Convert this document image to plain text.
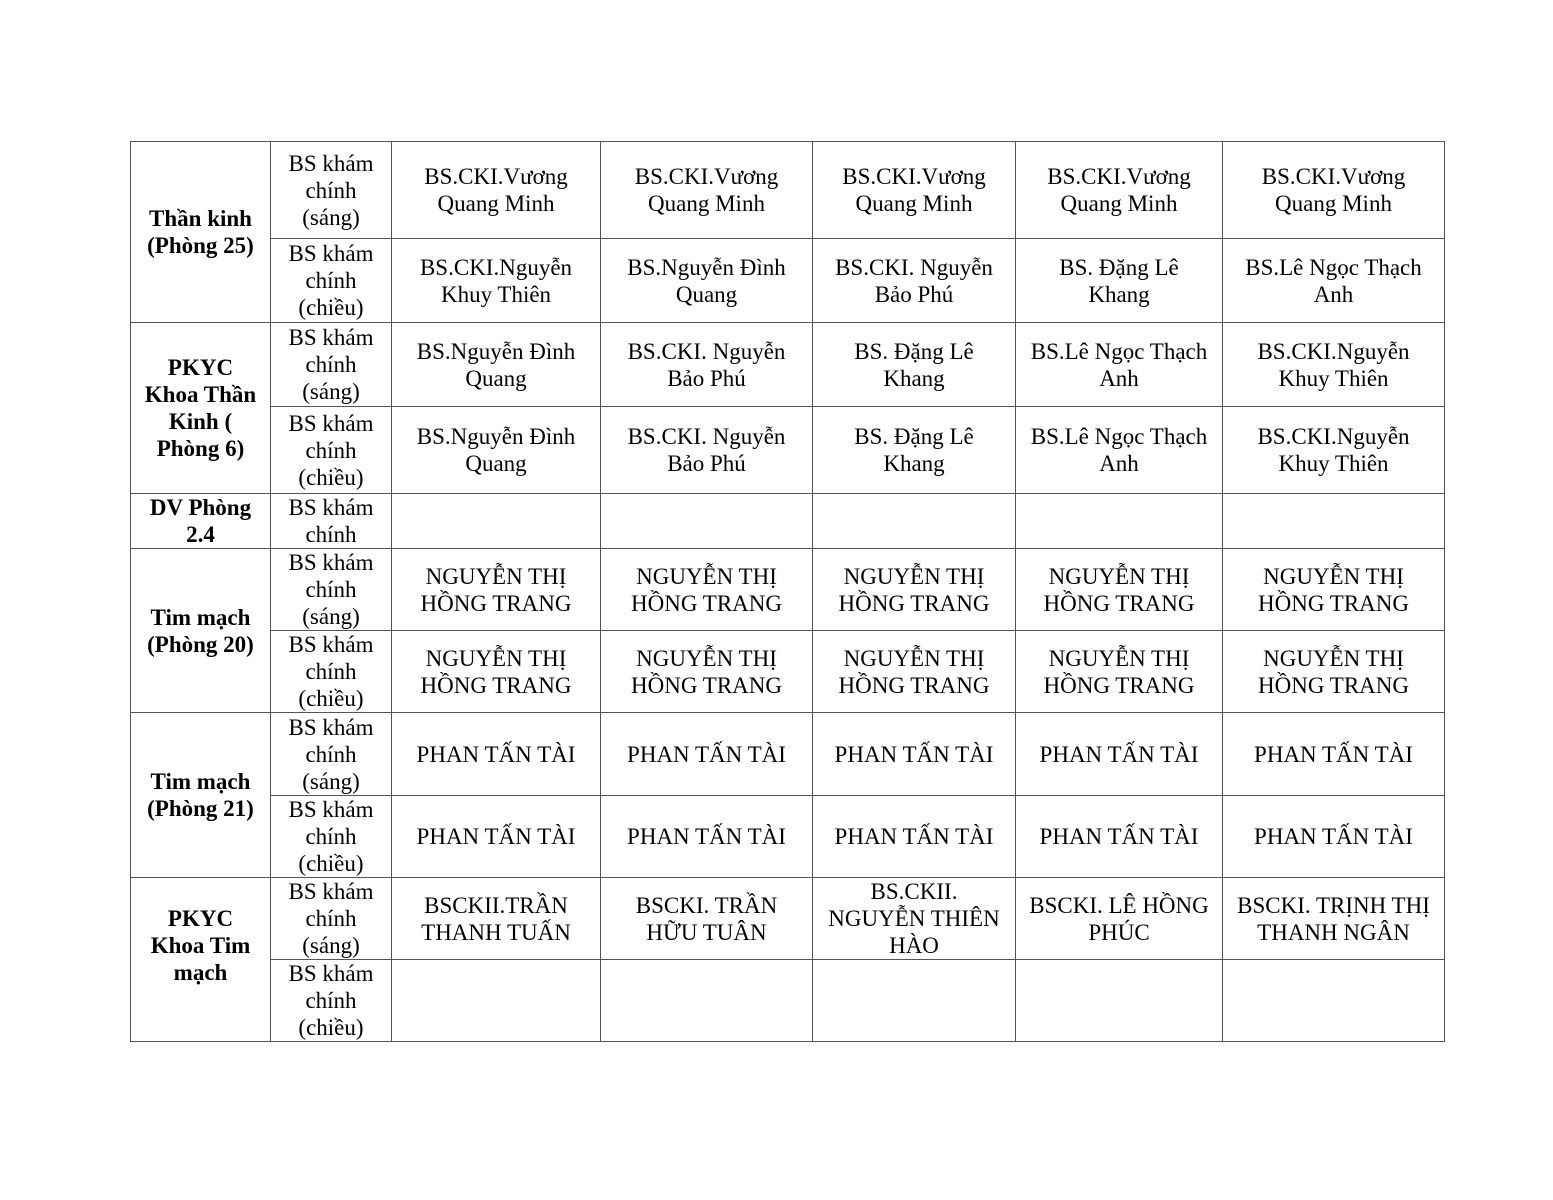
Thần kinh
(Phòng 25)	BS khám
chính
(sáng)	BS.CKI.Vương
Quang Minh	BS.CKI.Vương
Quang Minh	BS.CKI.Vương
Quang Minh	BS.CKI.Vương
Quang Minh	BS.CKI.Vương
Quang Minh

	BS khám
chính
(chiều)	BS.CKI.Nguyễn
Khuy Thiên	BS.Nguyễn Đình
Quang	BS.CKI. Nguyễn
Bảo Phú	BS. Đặng Lê
Khang	BS.Lê Ngọc Thạch
Anh

PKYC
Khoa Thần
Kinh (
Phòng 6)	BS khám
chính
(sáng)	BS.Nguyễn Đình
Quang	BS.CKI. Nguyễn
Bảo Phú	BS. Đặng Lê
Khang	BS.Lê Ngọc Thạch
Anh	BS.CKI.Nguyễn
Khuy Thiên

	BS khám
chính
(chiều)	BS.Nguyễn Đình
Quang	BS.CKI. Nguyễn
Bảo Phú	BS. Đặng Lê
Khang	BS.Lê Ngọc Thạch
Anh	BS.CKI.Nguyễn
Khuy Thiên

DV Phòng
2.4	BS khám
chính					

Tim mạch
(Phòng 20)	BS khám
chính
(sáng)	NGUYỄN THỊ
HỒNG TRANG	NGUYỄN THỊ
HỒNG TRANG	NGUYỄN THỊ
HỒNG TRANG	NGUYỄN THỊ
HỒNG TRANG	NGUYỄN THỊ
HỒNG TRANG

	BS khám
chính
(chiều)	NGUYỄN THỊ
HỒNG TRANG	NGUYỄN THỊ
HỒNG TRANG	NGUYỄN THỊ
HỒNG TRANG	NGUYỄN THỊ
HỒNG TRANG	NGUYỄN THỊ
HỒNG TRANG

Tim mạch
(Phòng 21)	BS khám
chính
(sáng)	PHAN TẤN TÀI	PHAN TẤN TÀI	PHAN TẤN TÀI	PHAN TẤN TÀI	PHAN TẤN TÀI

	BS khám
chính
(chiều)	PHAN TẤN TÀI	PHAN TẤN TÀI	PHAN TẤN TÀI	PHAN TẤN TÀI	PHAN TẤN TÀI

PKYC
Khoa Tim
mạch	BS khám
chính
(sáng)	BSCKII.TRẦN
THANH TUẤN	BSCKI. TRẦN
HỮU TUÂN	BS.CKII.
NGUYỄN THIÊN
HÀO	BSCKI. LÊ HỒNG
PHÚC	BSCKI. TRỊNH THỊ
THANH NGÂN

	BS khám
chính
(chiều)					
